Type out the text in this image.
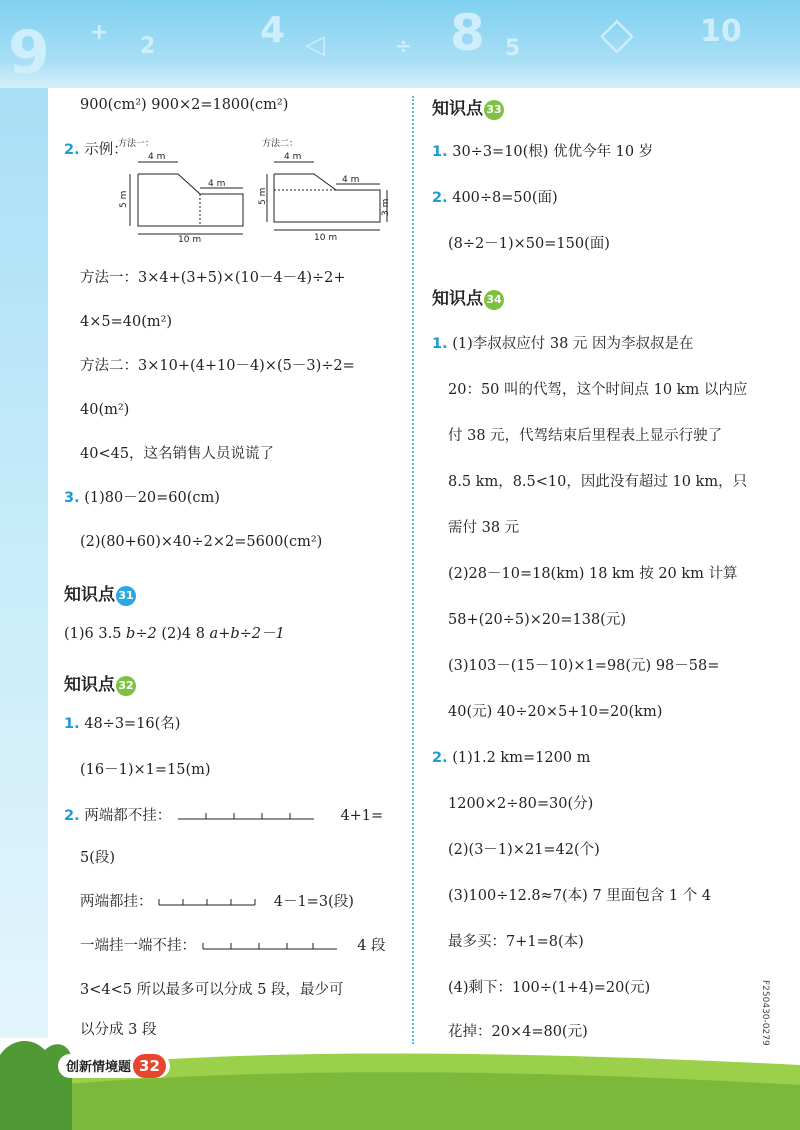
9 +
2	4 ◁	÷ 8 5 ◇ 10
900(cm²) 900×2=1800(cm²)
2. 示例：
方法一：
4 m
4 m
5 m
10 m
方法二：
4 m
4 m
5 m
3 m
10 m
方法一：3×4+(3+5)×(10－4－4)÷2+
4×5=40(m²)
方法二：3×10+(4+10－4)×(5－3)÷2=
40(m²)
40<45，这名销售人员说谎了
3. (1)80－20=60(cm)
(2)(80+60)×40÷2×2=5600(cm²)
知识点 31
(1)6 3.5 b÷2 (2)4 8 a+b÷2－1
知识点 32
1. 48÷3=16(名)
(16－1)×1=15(m)
2. 两端都不挂：	4+1=
5(段)
两端都挂：	4－1=3(段)
一端挂一端不挂：	4 段
3<4<5 所以最多可以分成 5 段，最少可
以分成 3 段
知识点 33
1. 30÷3=10(根) 优优今年 10 岁
2. 400÷8=50(面)
(8÷2－1)×50=150(面)
知识点 34
1. (1)李叔叔应付 38 元 因为李叔叔是在
20：50 叫的代驾，这个时间点 10 km 以内应
付 38 元，代驾结束后里程表上显示行驶了
8.5 km，8.5<10，因此没有超过 10 km，只
需付 38 元
(2)28－10=18(km) 18 km 按 20 km 计算
58+(20÷5)×20=138(元)
(3)103－(15－10)×1=98(元) 98－58=
40(元) 40÷20×5+10=20(km)
2. (1)1.2 km=1200 m
1200×2÷80=30(分)
(2)(3－1)×21=42(个)
(3)100÷12.8≈7(本) 7 里面包含 1 个 4
最多买：7+1=8(本)
(4)剩下：100÷(1+4)=20(元)
花掉：20×4=80(元)	F250430-0279
创新情境题 32
